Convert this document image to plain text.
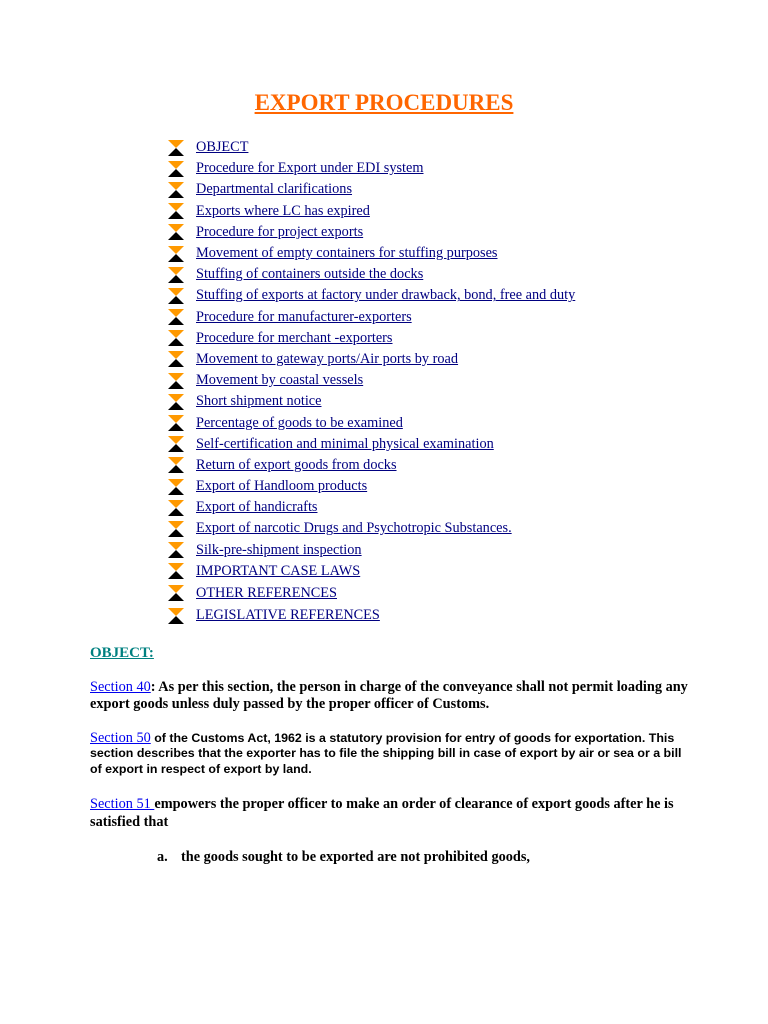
EXPORT PROCEDURES
OBJECT
Procedure for Export under EDI system
Departmental clarifications
Exports where LC has expired
Procedure for project exports
Movement of empty containers for stuffing purposes
Stuffing of containers outside the docks
Stuffing of exports at factory under drawback, bond, free and duty
Procedure for manufacturer-exporters
Procedure for merchant -exporters
Movement to gateway ports/Air ports by road
Movement by coastal vessels
Short shipment notice
Percentage of goods to be examined
Self-certification and minimal physical examination
Return of export goods from docks
Export of Handloom products
Export of handicrafts
Export of narcotic Drugs and Psychotropic Substances.
Silk-pre-shipment inspection
IMPORTANT CASE LAWS
OTHER REFERENCES
LEGISLATIVE REFERENCES
OBJECT:
Section 40: As per this section, the person in charge of the conveyance shall not permit loading any export goods unless duly passed by the proper officer of Customs.
Section 50 of the Customs Act, 1962 is a statutory provision for entry of goods for exportation. This section describes that the exporter has to file the shipping bill in case of export by air or sea or a bill of export in respect of export by land.
Section 51 empowers the proper officer to make an order of clearance of export goods after he is satisfied that
a. the goods sought to be exported are not prohibited goods,
